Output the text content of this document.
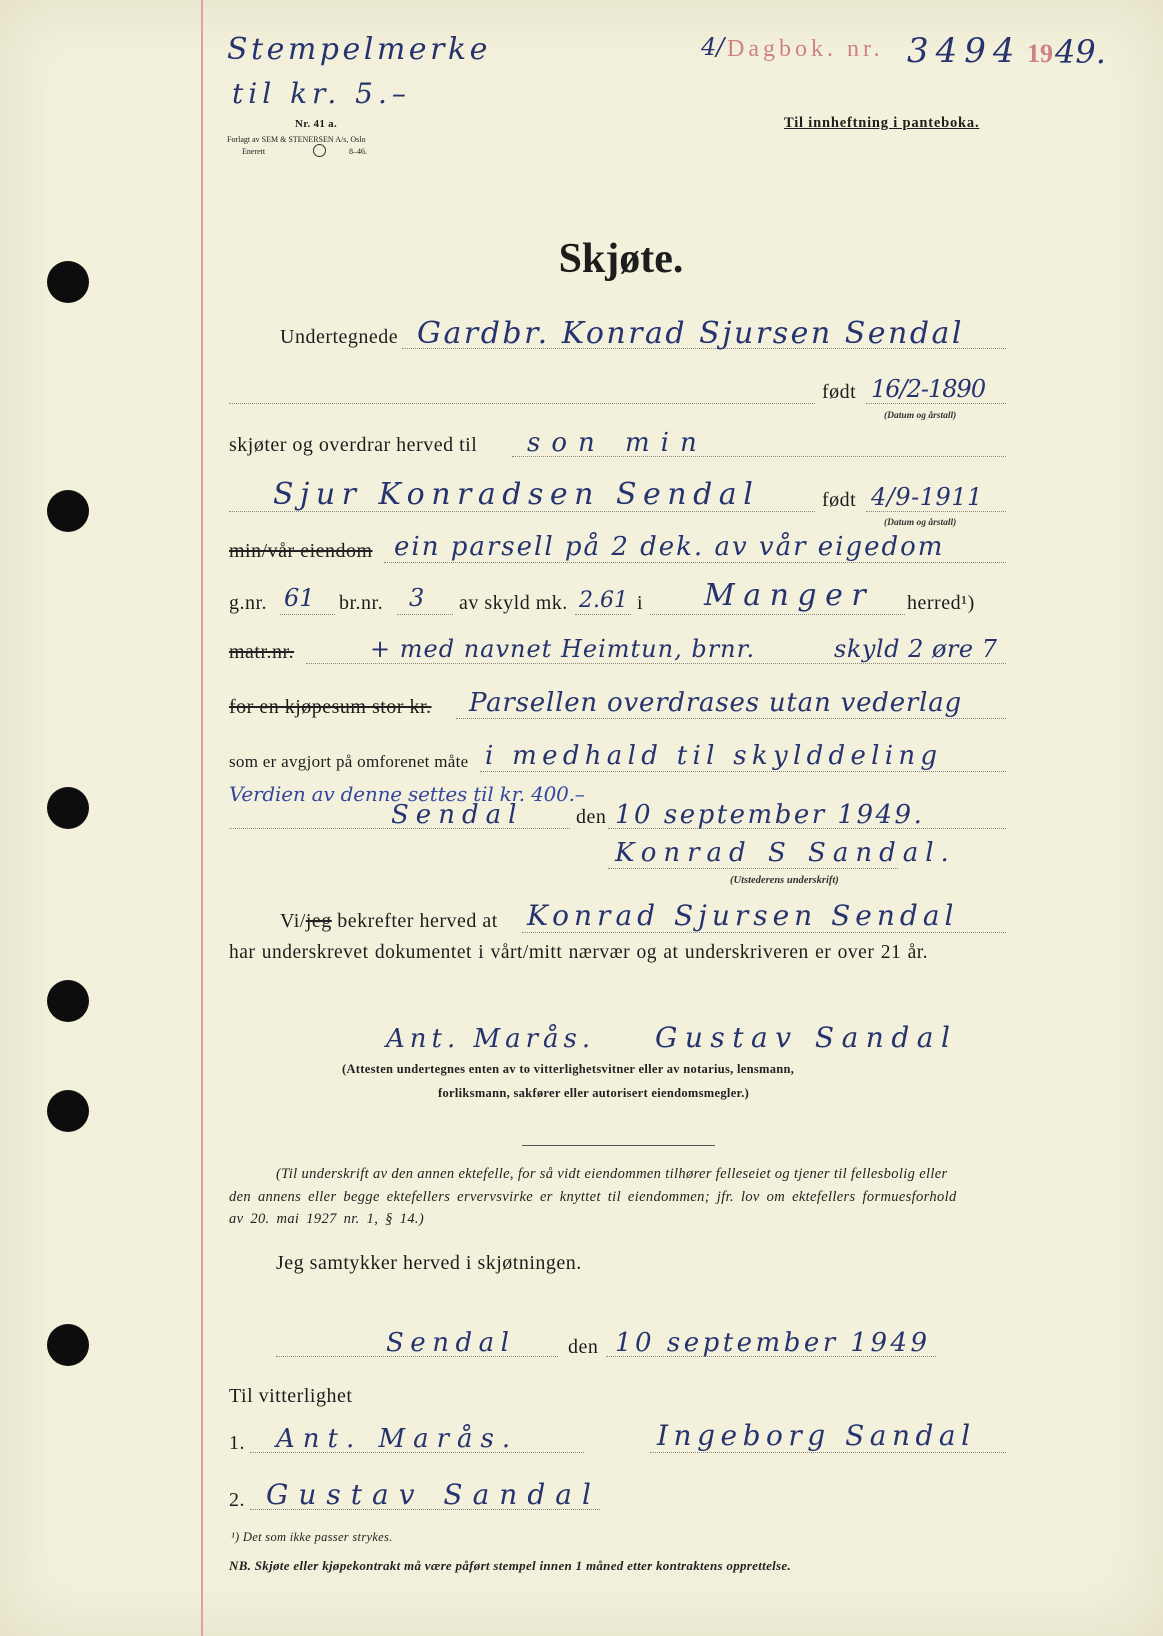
Stempelmerke
til kr. 5.–
Nr. 41 a.
Forlagt av SEM & STENERSEN A/s, Oslo
Enerett	8–46.
4/ Dagbok. nr. 3494 19 49.
Til innheftning i panteboka.
Skjøte.
Undertegnede Gardbr. Konrad Sjursen Sendal
født 16/2-1890
(Datum og årstall)
skjøter og overdrar herved til son min
Sjur Konradsen Sendal	født 4/9-1911
(Datum og årstall)
min/vår eiendom ein parsell på 2 dek. av vår eigedom
g.nr. 61 br.nr. 3 av skyld mk. 2.61 i Manger herred¹)
matr.nr.	+ med navnet Heimtun, brnr.	skyld 2 øre 7
for en kjøpesum stor kr. Parsellen overdrases utan vederlag
som er avgjort på omforenet måte i medhald til skylddeling
Verdien av denne settes til kr. 400.–
Sendal	den 10 september 1949.
Konrad S Sandal.
(Utstederens underskrift)
Vi/jeg bekrefter herved at Konrad Sjursen Sendal
har underskrevet dokumentet i vårt/mitt nærvær og at underskriveren er over 21 år.
Ant. Marås. Gustav Sandal
(Attesten undertegnes enten av to vitterlighetsvitner eller av notarius, lensmann,
forliksmann, sakfører eller autorisert eiendomsmegler.)
(Til underskrift av den annen ektefelle, for så vidt eiendommen tilhører felleseiet og tjener til fellesbolig eller
den annens eller begge ektefellers ervervsvirke er knyttet til eiendommen; jfr. lov om ektefellers formuesforhold
av 20. mai 1927 nr. 1, § 14.)
Jeg samtykker herved i skjøtningen.
Sendal	den 10 september 1949
Til vitterlighet
1. Ant. Marås.	Ingeborg Sandal
2. Gustav Sandal
¹) Det som ikke passer strykes.
NB. Skjøte eller kjøpekontrakt må være påført stempel innen 1 måned etter kontraktens opprettelse.
